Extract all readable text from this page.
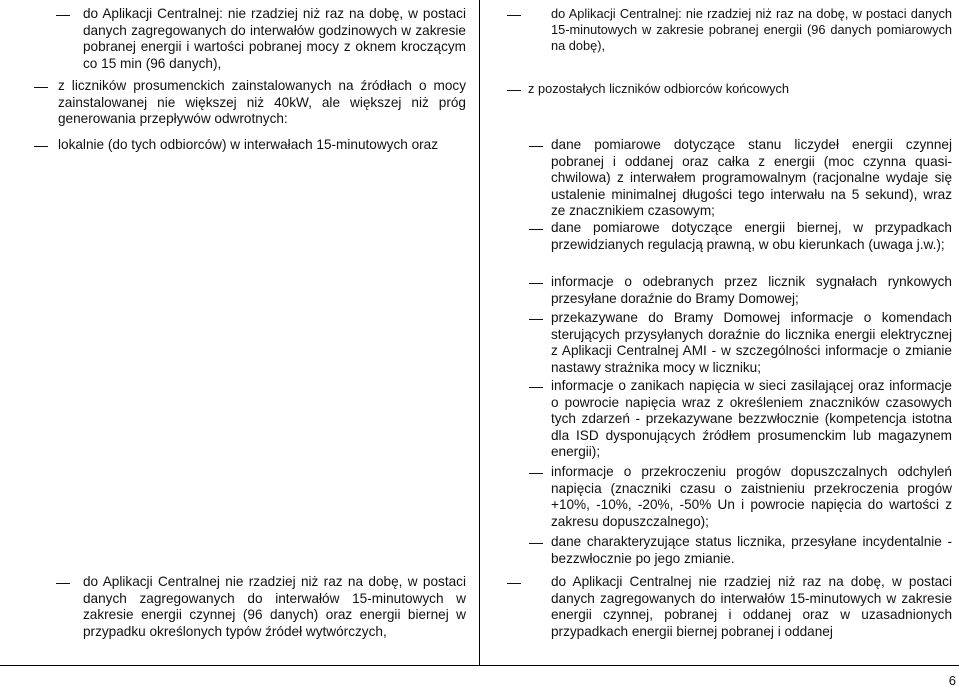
do Aplikacji Centralnej: nie rzadziej niż raz na dobę, w postaci danych zagregowanych do interwałów godzinowych w zakresie pobranej energii i wartości pobranej mocy z oknem kroczącym co 15 min (96 danych),
z liczników prosumenckich zainstalowanych na źródłach o mocy zainstalowanej nie większej niż 40kW, ale większej niż próg generowania przepływów odwrotnych:
lokalnie (do tych odbiorców) w interwałach 15-minutowych oraz
do Aplikacji Centralnej nie rzadziej niż raz na dobę, w postaci danych zagregowanych do interwałów 15-minutowych w zakresie energii czynnej (96 danych) oraz energii biernej w przypadku określonych typów źródeł wytwórczych,
do Aplikacji Centralnej: nie rzadziej niż raz na dobę, w postaci danych 15-minutowych w zakresie pobranej energii (96 danych pomiarowych na dobę),
z pozostałych liczników odbiorców końcowych
dane pomiarowe dotyczące stanu liczydeł energii czynnej pobranej i oddanej oraz całka z energii (moc czynna quasi-chwilowa) z interwałem programowalnym (racjonalne wydaje się ustalenie minimalnej długości tego interwału na 5 sekund), wraz ze znacznikiem czasowym;
dane pomiarowe dotyczące energii biernej, w przypadkach przewidzianych regulacją prawną, w obu kierunkach (uwaga j.w.);
informacje o odebranych przez licznik sygnałach rynkowych przesyłane doraźnie do Bramy Domowej;
przekazywane do Bramy Domowej informacje o komendach sterujących przysyłanych doraźnie do licznika energii elektrycznej z Aplikacji Centralnej AMI - w szczególności informacje o zmianie nastawy strażnika mocy w liczniku;
informacje o zanikach napięcia w sieci zasilającej oraz informacje o powrocie napięcia wraz z określeniem znaczników czasowych tych zdarzeń - przekazywane bezzwłocznie (kompetencja istotna dla ISD dysponujących źródłem prosumenckim lub magazynem energii);
informacje o przekroczeniu progów dopuszczalnych odchyleń napięcia (znaczniki czasu o zaistnieniu przekroczenia progów +10%, -10%, -20%, -50% Un i powrocie napięcia do wartości z zakresu dopuszczalnego);
dane charakteryzujące status licznika, przesyłane incydentalnie - bezzwłocznie po jego zmianie.
do Aplikacji Centralnej nie rzadziej niż raz na dobę, w postaci danych zagregowanych do interwałów 15-minutowych w zakresie energii czynnej, pobranej i oddanej oraz w uzasadnionych przypadkach energii biernej pobranej i oddanej
6
